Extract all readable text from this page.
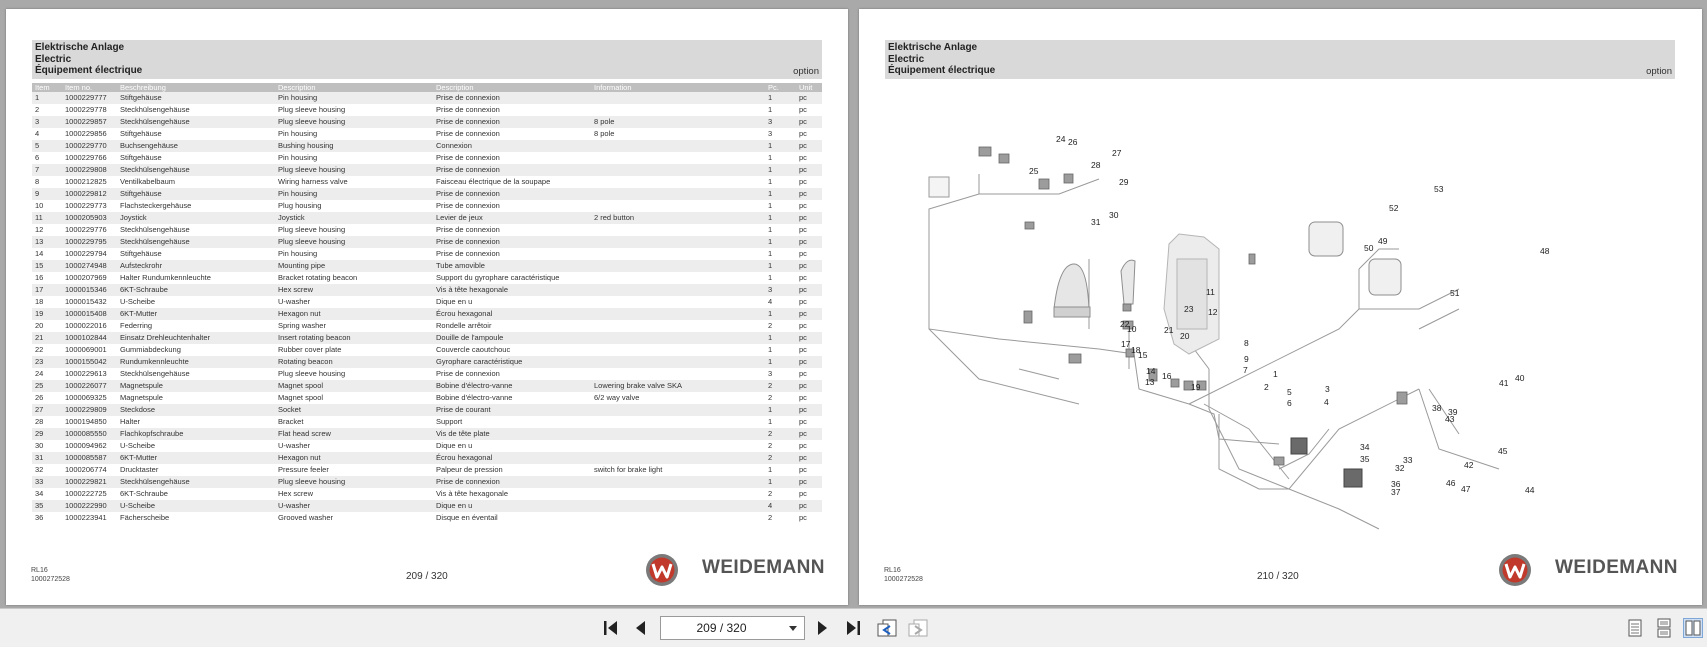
Elektrische Anlage
Electric
Équipement électrique	option
Item	Item no.	Beschreibung	Description	Description	Information	Pc.	Unit
1	1000229777	Stiftgehäuse	Pin housing	Prise de connexion		1	pc
2	1000229778	Steckhülsengehäuse	Plug sleeve housing	Prise de connexion		1	pc
3	1000229857	Steckhülsengehäuse	Plug sleeve housing	Prise de connexion	8 pole	3	pc
4	1000229856	Stiftgehäuse	Pin housing	Prise de connexion	8 pole	3	pc
5	1000229770	Buchsengehäuse	Bushing housing	Connexion		1	pc
6	1000229766	Stiftgehäuse	Pin housing	Prise de connexion		1	pc
7	1000229808	Steckhülsengehäuse	Plug sleeve housing	Prise de connexion		1	pc
8	1000212825	Ventilkabelbaum	Wiring harness valve	Faisceau électrique de la soupape		1	pc
9	1000229812	Stiftgehäuse	Pin housing	Prise de connexion		1	pc
10	1000229773	Flachsteckergehäuse	Plug housing	Prise de connexion		1	pc
11	1000205903	Joystick	Joystick	Levier de jeux	2 red button	1	pc
12	1000229776	Steckhülsengehäuse	Plug sleeve housing	Prise de connexion		1	pc
13	1000229795	Steckhülsengehäuse	Plug sleeve housing	Prise de connexion		1	pc
14	1000229794	Stiftgehäuse	Pin housing	Prise de connexion		1	pc
15	1000274948	Aufsteckrohr	Mounting pipe	Tube amovible		1	pc
16	1000207969	Halter Rundumkennleuchte	Bracket rotating beacon	Support du gyrophare caractéristique		1	pc
17	1000015346	6KT-Schraube	Hex screw	Vis à tête hexagonale		3	pc
18	1000015432	U-Scheibe	U-washer	Dique en u		4	pc
19	1000015408	6KT-Mutter	Hexagon nut	Écrou hexagonal		1	pc
20	1000022016	Federring	Spring washer	Rondelle arrêtoir		2	pc
21	1000102844	Einsatz Drehleuchtenhalter	Insert rotating beacon	Douille de l'ampoule		1	pc
22	1000069001	Gummiabdeckung	Rubber cover plate	Couvercle caoutchouc		1	pc
23	1000155042	Rundumkennleuchte	Rotating beacon	Gyrophare caractéristique		1	pc
24	1000229613	Steckhülsengehäuse	Plug sleeve housing	Prise de connexion		3	pc
25	1000226077	Magnetspule	Magnet spool	Bobine d'électro-vanne	Lowering brake valve SKA	2	pc
26	1000069325	Magnetspule	Magnet spool	Bobine d'électro-vanne	6/2 way valve	2	pc
27	1000229809	Steckdose	Socket	Prise de courant		1	pc
28	1000194850	Halter	Bracket	Support		1	pc
29	1000085550	Flachkopfschraube	Flat head screw	Vis de tête plate		2	pc
30	1000094962	U-Scheibe	U-washer	Dique en u		2	pc
31	1000085587	6KT-Mutter	Hexagon nut	Écrou hexagonal		2	pc
32	1000206774	Drucktaster	Pressure feeler	Palpeur de pression	switch for brake light	1	pc
33	1000229821	Steckhülsengehäuse	Plug sleeve housing	Prise de connexion		1	pc
34	1000222725	6KT-Schraube	Hex screw	Vis à tête hexagonale		2	pc
35	1000222990	U-Scheibe	U-washer	Dique en u		4	pc
36	1000223941	Fächerscheibe	Grooved washer	Disque en éventail		2	pc
RL16
1000272528	209 / 320	WEIDEMANN
Elektrische Anlage
Electric
Équipement électrique	option
1
2	3
4
5
6
7
8
9
10
11
12
13
14
15
16
17
18
19
20
21
22
23
24
25
26
27
28
29
30
31
32
33
34
35
36
37
38 39
40
41
42
43
44
45
46
47
48
49
50
51
52
53
RL16
1000272528	210 / 320	WEIDEMANN
209 / 320
